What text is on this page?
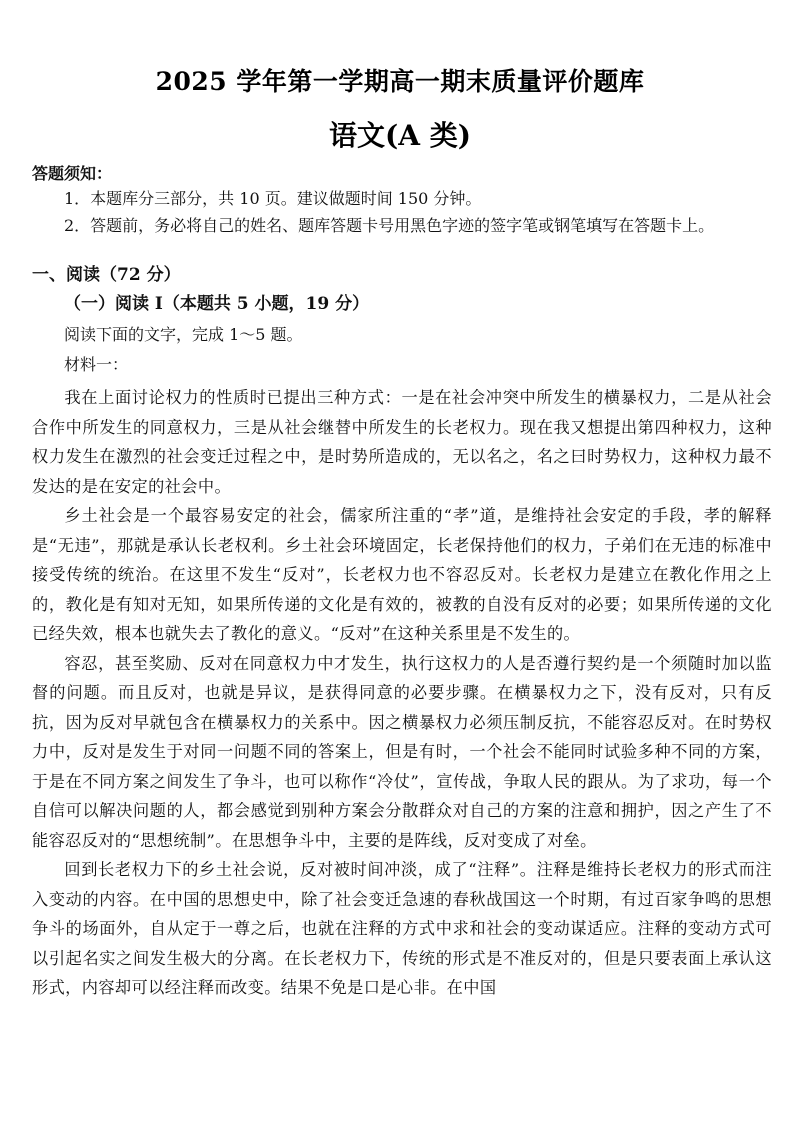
2025 学年第一学期高一期末质量评价题库
语文(A 类)
答题须知：
1．本题库分三部分，共 10 页。建议做题时间 150 分钟。
2．答题前，务必将自己的姓名、题库答题卡号用黑色字迹的签字笔或钢笔填写在答题卡上。
一、阅读（72 分）
（一）阅读 I（本题共 5 小题，19 分）
阅读下面的文字，完成 1～5 题。
材料一：

我在上面讨论权力的性质时已提出三种方式：一是在社会冲突中所发生的横暴权力，二是从社会合作中所发生的同意权力，三是从社会继替中所发生的长老权力。现在我又想提出第四种权力，这种权力发生在激烈的社会变迁过程之中，是时势所造成的，无以名之，名之曰时势权力，这种权力最不发达的是在安定的社会中。

乡土社会是一个最容易安定的社会，儒家所注重的“孝”道，是维持社会安定的手段，孝的解释是“无违”，那就是承认长老权利。乡土社会环境固定，长老保持他们的权力，子弟们在无违的标准中接受传统的统治。在这里不发生“反对”，长老权力也不容忍反对。长老权力是建立在教化作用之上的，教化是有知对无知，如果所传递的文化是有效的，被教的自没有反对的必要；如果所传递的文化已经失效，根本也就失去了教化的意义。“反对”在这种关系里是不发生的。

容忍，甚至奖励、反对在同意权力中才发生，执行这权力的人是否遵行契约是一个须随时加以监督的问题。而且反对，也就是异议，是获得同意的必要步骤。在横暴权力之下，没有反对，只有反抗，因为反对早就包含在横暴权力的关系中。因之横暴权力必须压制反抗，不能容忍反对。在时势权力中，反对是发生于对同一问题不同的答案上，但是有时，一个社会不能同时试验多种不同的方案，于是在不同方案之间发生了争斗，也可以称作“冷仗”，宣传战，争取人民的跟从。为了求功，每一个自信可以解决问题的人，都会感觉到别种方案会分散群众对自己的方案的注意和拥护，因之产生了不能容忍反对的“思想统制”。在思想争斗中，主要的是阵线，反对变成了对垒。

回到长老权力下的乡土社会说，反对被时间冲淡，成了“注释”。注释是维持长老权力的形式而注入变动的内容。在中国的思想史中，除了社会变迁急速的春秋战国这一个时期，有过百家争鸣的思想争斗的场面外，自从定于一尊之后，也就在注释的方式中求和社会的变动谋适应。注释的变动方式可以引起名实之间发生极大的分离。在长老权力下，传统的形式是不准反对的，但是只要表面上承认这形式，内容却可以经注释而改变。结果不免是口是心非。在中国
